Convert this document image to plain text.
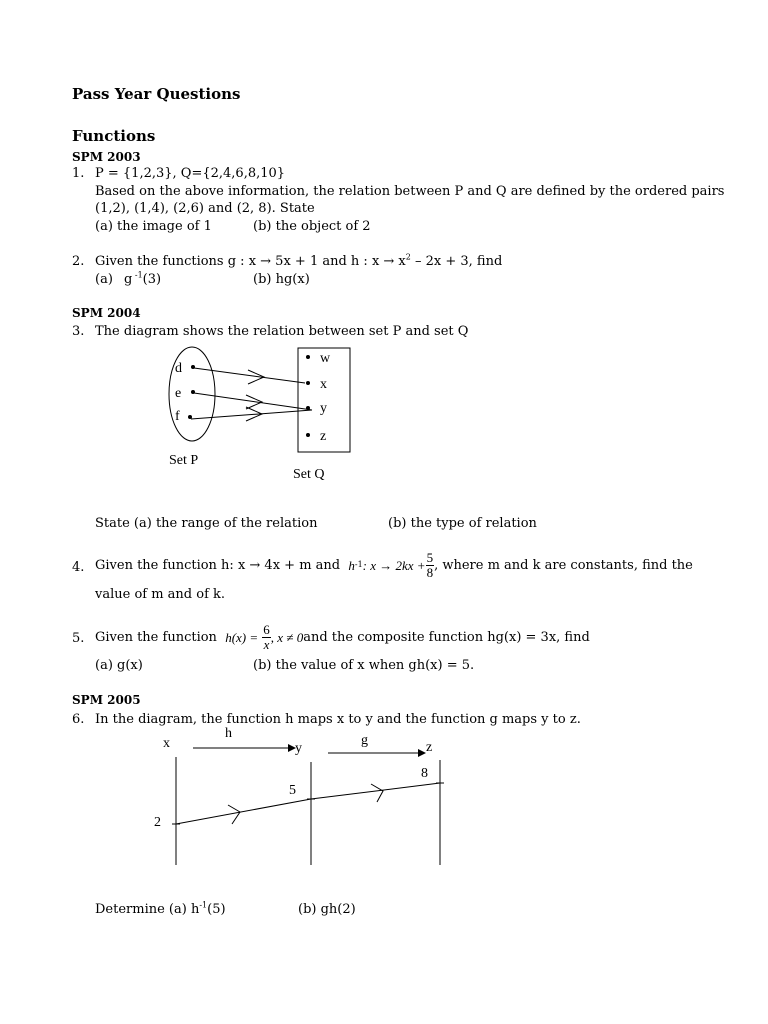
Pass Year Questions
Functions
SPM 2003
1. P = {1,2,3}, Q={2,4,6,8,10}
Based on the above information, the relation between P and Q are defined by the ordered pairs
(1,2), (1,4), (2,6) and (2, 8). State
(a) the image of 1	(b) the object of 2
2. Given the functions g : x → 5x + 1 and h : $x \to x^2 - 2x + 3$, find
(a) g $^{-1}$(3)	(b) hg(x)
SPM 2004
3. The diagram shows the relation between set P and set Q
d
e
f
w
x
y
z
Set P
Set Q
State (a) the range of the relation	(b) the type of relation
4. Given the function h: x → 4x + m and
h -1 : $x \to 2kx + \frac{5}{8}$ , where m and k are constants, find the
value of m and of k.
5. Given the function
h(x) =
$\frac{6}{x}$ , x ≠ 0 and the composite function hg(x) = 3x, find
(a) g(x)	(b) the value of x when gh(x) = 5.
SPM 2005
6. In the diagram, the function h maps x to y and the function g maps y to z.
x
h
y
g	z
2
5
8
Determine (a) $h^{-1}(5)$	(b) gh(2)
